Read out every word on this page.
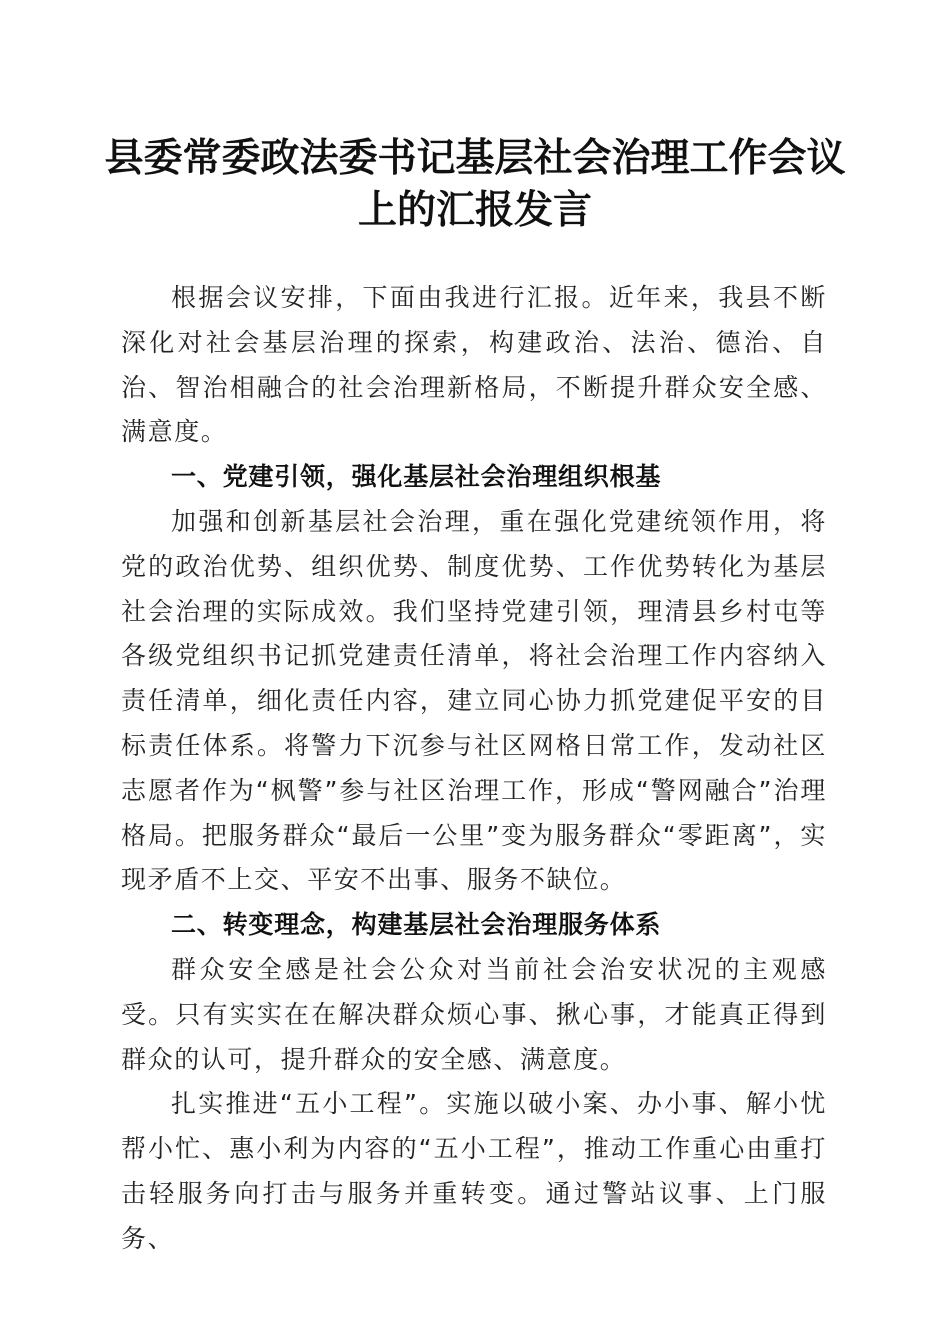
县委常委政法委书记基层社会治理工作会议上的汇报发言

根据会议安排，下面由我进行汇报。近年来，我县不断深化对社会基层治理的探索，构建政治、法治、德治、自治、智治相融合的社会治理新格局，不断提升群众安全感、满意度。

一、党建引领，强化基层社会治理组织根基

加强和创新基层社会治理，重在强化党建统领作用，将党的政治优势、组织优势、制度优势、工作优势转化为基层社会治理的实际成效。我们坚持党建引领，理清县乡村屯等各级党组织书记抓党建责任清单，将社会治理工作内容纳入责任清单，细化责任内容，建立同心协力抓党建促平安的目标责任体系。将警力下沉参与社区网格日常工作，发动社区志愿者作为“枫警”参与社区治理工作，形成“警网融合”治理格局。把服务群众“最后一公里”变为服务群众“零距离”，实现矛盾不上交、平安不出事、服务不缺位。

二、转变理念，构建基层社会治理服务体系

群众安全感是社会公众对当前社会治安状况的主观感受。只有实实在在解决群众烦心事、揪心事，才能真正得到群众的认可，提升群众的安全感、满意度。

扎实推进“五小工程”。实施以破小案、办小事、解小忧帮小忙、惠小利为内容的“五小工程”，推动工作重心由重打击轻服务向打击与服务并重转变。通过警站议事、上门服务、
